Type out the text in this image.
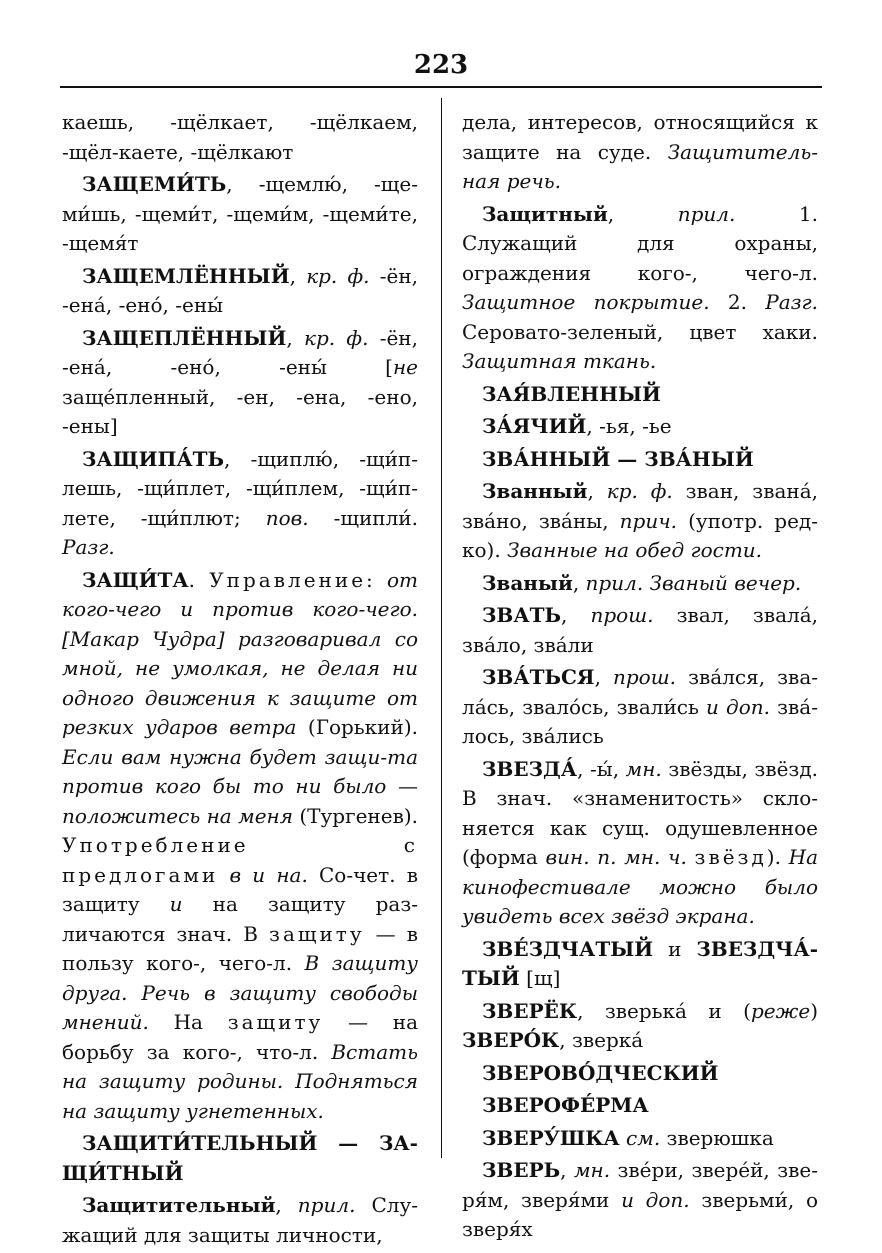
223

каешь, -щёлкает, -щёлкаем, -щёл-каете, -щёлкают

ЗАЩЕМИ́ТЬ, -щемлю́, -ще-ми́шь, -щеми́т, -щеми́м, -щеми́те, -щемя́т

ЗАЩЕМЛЁННЫЙ, кр. ф. -ён, -ена́, -ено́, -ены́

ЗАЩЕПЛЁННЫЙ, кр. ф. -ён, -ена́, -ено́, -ены́ [не заще́пленный, -ен, -ена, -ено, -ены]

ЗАЩИПА́ТЬ, -щиплю́, -щи́п-лешь, -щи́плет, -щи́плем, -щи́п-лете, -щи́плют; пов. -щипли́. Разг.

ЗАЩИ́ТА. Управление: от кого-чего и против кого-чего. [Макар Чудра] разговаривал со мной, не умолкая, не делая ни одного движения к защите от резких ударов ветра (Горький). Если вам нужна будет защи-та против кого бы то ни было — положитесь на меня (Тургенев). Употребление с предлогами в и на. Со-чет. в защиту и на защиту раз-личаются знач. В защиту — в пользу кого-, чего-л. В защиту друга. Речь в защиту свободы мнений. На защиту — на борьбу за кого-, что-л. Встать на защиту родины. Подняться на защиту угнетенных.

ЗАЩИТИ́ТЕЛЬНЫЙ — ЗА-ЩИ́ТНЫЙ

Защитительный, прил. Слу-жащий для защиты личности,

дела, интересов, относящийся к защите на суде. Защититель-ная речь.

Защитный, прил. 1. Служащий для охраны, ограждения кого-, чего-л. Защитное покрытие. 2. Разг. Серовато-зеленый, цвет хаки. Защитная ткань.

ЗАЯ́ВЛЕННЫЙ

ЗА́ЯЧИЙ, -ья, -ье

ЗВА́ННЫЙ — ЗВА́НЫЙ

Званный, кр. ф. зван, звана́, зва́но, зва́ны, прич. (употр. ред-ко). Званные на обед гости.

Званый, прил. Званый вечер.

ЗВАТЬ, прош. звал, звала́, зва́ло, зва́ли

ЗВА́ТЬСЯ, прош. зва́лся, зва-ла́сь, звало́сь, звали́сь и доп. зва́-лось, зва́лись

ЗВЕЗДА́, -ы́, мн. звёзды, звёзд. В знач. «знаменитость» скло-няется как сущ. одушевленное (форма вин. п. мн. ч. звёзд). На кинофестивале можно было увидеть всех звёзд экрана.

ЗВЕ́ЗДЧАТЫЙ и ЗВЕЗДЧА́-ТЫЙ [щ]

ЗВЕРЁК, зверька́ и (реже) ЗВЕРО́К, зверка́

ЗВЕРОВО́ДЧЕСКИЙ

ЗВЕРОФЕ́РМА

ЗВЕРУ́ШКА см. зверюшка

ЗВЕРЬ, мн. зве́ри, звере́й, зве-ря́м, зверя́ми и доп. зверьми́, о зверя́х
